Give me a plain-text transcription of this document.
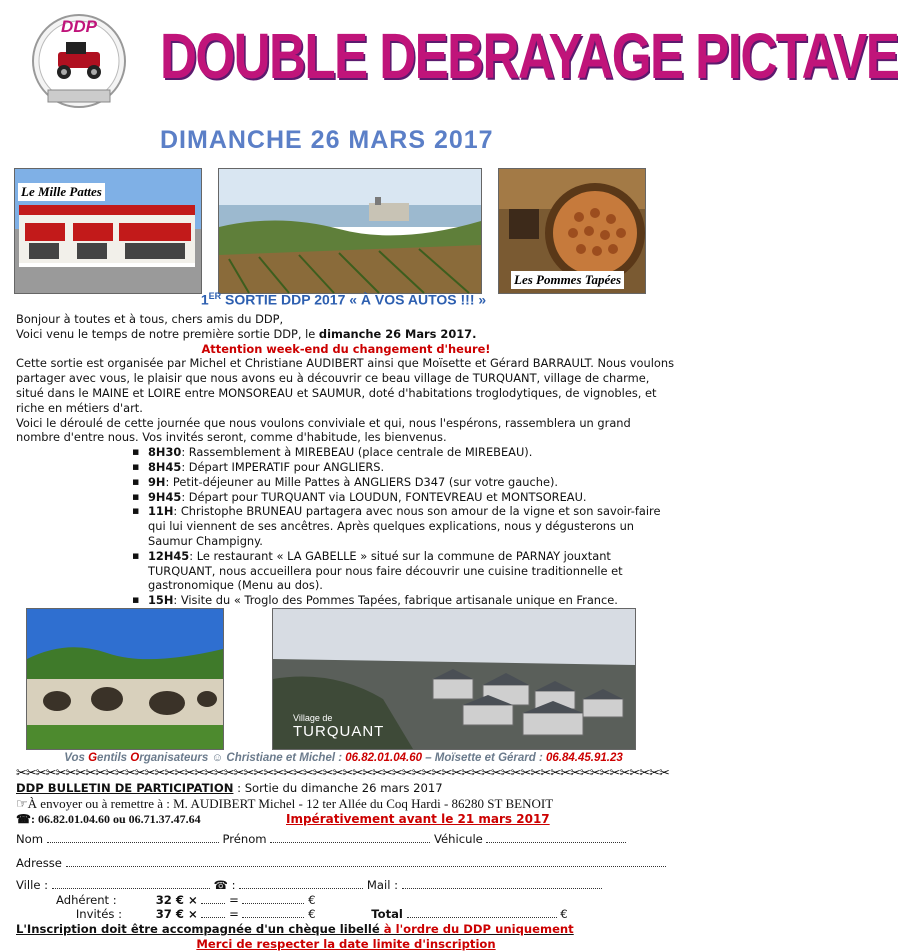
DDP DOUBLE DEBRAYAGE PICTAVE
DIMANCHE 26 MARS 2017
Le Mille Pattes
Les Pommes Tapées
1ER SORTIE DDP 2017 « À VOS AUTOS !!! »

Bonjour à toutes et à tous, chers amis du DDP,

Voici venu le temps de notre première sortie DDP, le dimanche 26 Mars 2017.

Attention week-end du changement d'heure!

Cette sortie est organisée par Michel et Christiane AUDIBERT ainsi que Moïsette et Gérard BARRAULT. Nous voulons partager avec vous, le plaisir que nous avons eu à découvrir ce beau village de TURQUANT, village de charme, situé dans le MAINE et LOIRE entre MONSOREAU et SAUMUR, doté d'habitations troglodytiques, de vignobles, et riche en métiers d'art.

Voici le déroulé de cette journée que nous voulons conviviale et qui, nous l'espérons, rassemblera un grand nombre d'entre nous. Vos invités seront, comme d'habitude, les bienvenus.

▪ 8H30: Rassemblement à MIREBEAU (place centrale de MIREBEAU).
▪ 8H45: Départ IMPERATIF pour ANGLIERS.
▪ 9H: Petit-déjeuner au Mille Pattes à ANGLIERS D347 (sur votre gauche).
▪ 9H45: Départ pour TURQUANT via LOUDUN, FONTEVREAU et MONTSOREAU.
▪ 11H: Christophe BRUNEAU partagera avec nous son amour de la vigne et son savoir-faire qui lui viennent de ses ancêtres. Après quelques explications, nous y dégusterons un Saumur Champigny.
▪ 12H45: Le restaurant « LA GABELLE » situé sur la commune de PARNAY jouxtant TURQUANT, nous accueillera pour nous faire découvrir une cuisine traditionnelle et gastronomique (Menu au dos).
▪ 15H: Visite du « Troglo des Pommes Tapées, fabrique artisanale unique en France.
Village de
TURQUANT
Vos Gentils Organisateurs ☺ Christiane et Michel : 06.82.01.04.60 – Moïsette et Gérard : 06.84.45.91.23
✂✂✂✂✂✂✂✂✂✂✂✂✂✂✂✂✂✂✂✂✂✂✂✂✂✂✂✂✂✂✂✂✂✂✂✂✂✂✂✂✂✂✂✂✂✂✂✂✂✂✂✂✂✂✂✂✂✂✂✂✂✂✂✂✂✂
DDP BULLETIN DE PARTICIPATION : Sortie du dimanche 26 mars 2017
☞À envoyer ou à remettre à : M. AUDIBERT Michel - 12 ter Allée du Coq Hardi - 86280 ST BENOIT
☎: 06.82.01.04.60 ou 06.71.37.47.64	Impérativement avant le 21 mars 2017
Nom	Prénom	Véhicule
Adresse
Ville :	☎ :	Mail :
Adhérent :	32 € ×	=	€
Invités :	37 € ×	=	€	Total	€
L'Inscription doit être accompagnée d'un chèque libellé à l'ordre du DDP uniquement
Merci de respecter la date limite d'inscription
